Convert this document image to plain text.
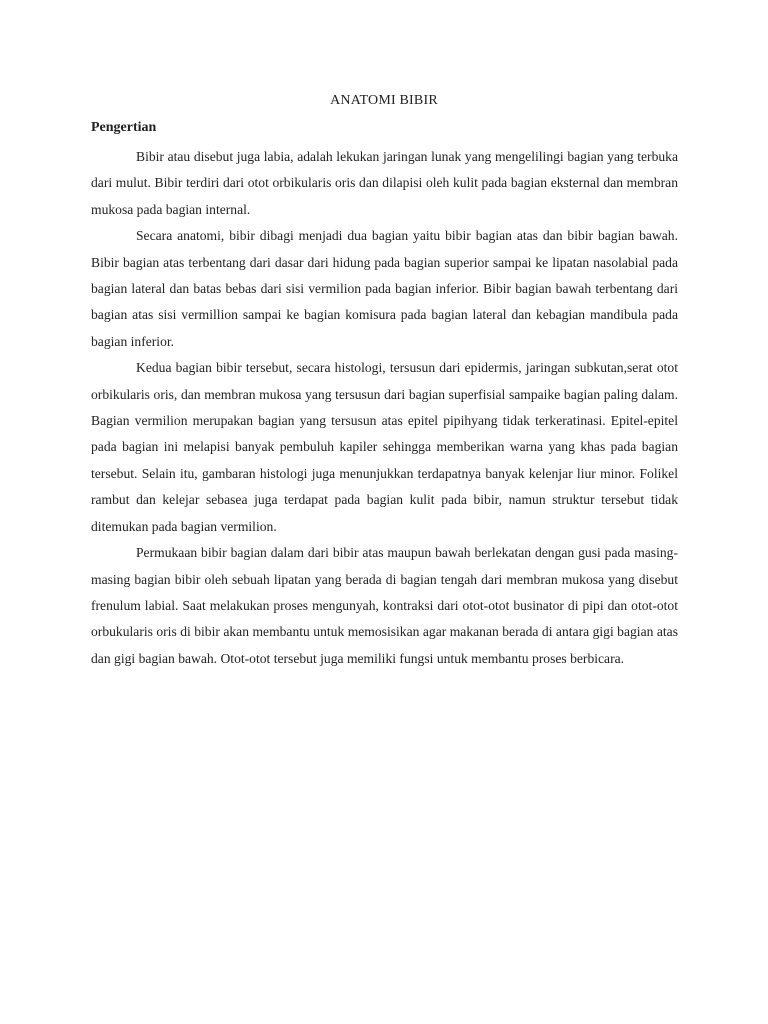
ANATOMI BIBIR
Pengertian

Bibir atau disebut juga labia, adalah lekukan jaringan lunak yang mengelilingi bagian yang terbuka dari mulut. Bibir terdiri dari otot orbikularis oris dan dilapisi oleh kulit pada bagian eksternal dan membran mukosa pada bagian internal.

Secara anatomi, bibir dibagi menjadi dua bagian yaitu bibir bagian atas dan bibir bagian bawah. Bibir bagian atas terbentang dari dasar dari hidung pada bagian superior sampai ke lipatan nasolabial pada bagian lateral dan batas bebas dari sisi vermilion pada bagian inferior. Bibir bagian bawah terbentang dari bagian atas sisi vermillion sampai ke bagian komisura pada bagian lateral dan kebagian mandibula pada bagian inferior.

Kedua bagian bibir tersebut, secara histologi, tersusun dari epidermis, jaringan subkutan,serat otot orbikularis oris, dan membran mukosa yang tersusun dari bagian superfisial sampaike bagian paling dalam. Bagian vermilion merupakan bagian yang tersusun atas epitel pipihyang tidak terkeratinasi. Epitel-epitel pada bagian ini melapisi banyak pembuluh kapiler sehingga memberikan warna yang khas pada bagian tersebut. Selain itu, gambaran histologi juga menunjukkan terdapatnya banyak kelenjar liur minor. Folikel rambut dan kelejar sebasea juga terdapat pada bagian kulit pada bibir, namun struktur tersebut tidak ditemukan pada bagian vermilion.

Permukaan bibir bagian dalam dari bibir atas maupun bawah berlekatan dengan gusi pada masing-masing bagian bibir oleh sebuah lipatan yang berada di bagian tengah dari membran mukosa yang disebut frenulum labial. Saat melakukan proses mengunyah, kontraksi dari otot-otot businator di pipi dan otot-otot orbukularis oris di bibir akan membantu untuk memosisikan agar makanan berada di antara gigi bagian atas dan gigi bagian bawah. Otot-otot tersebut juga memiliki fungsi untuk membantu proses berbicara.
